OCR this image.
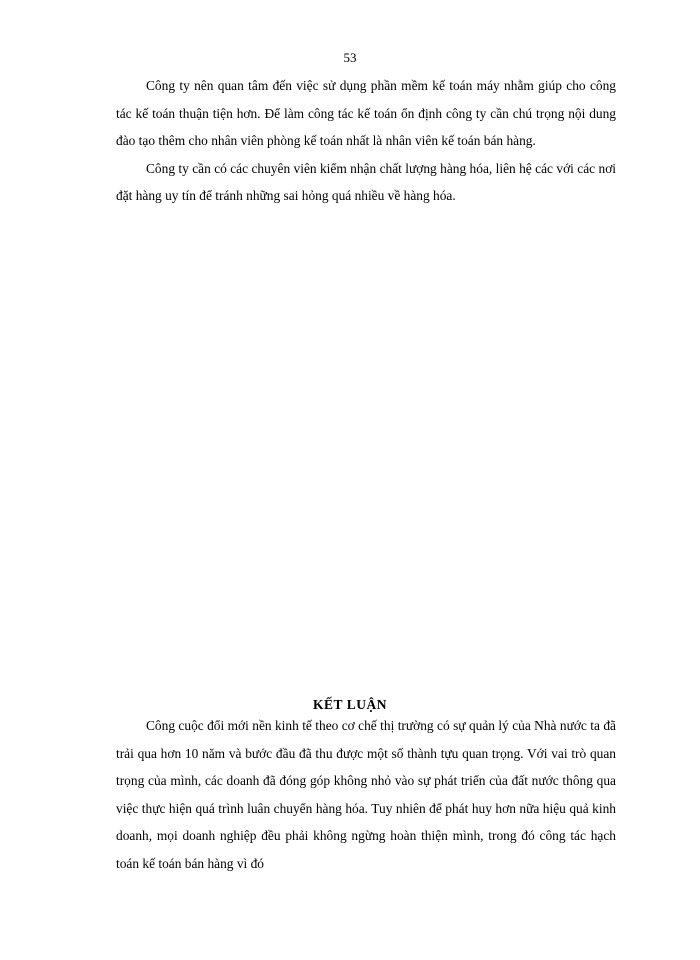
53

Công ty nên quan tâm đến việc sử dụng phần mềm kế toán máy nhằm giúp cho công tác kế toán thuận tiện hơn. Để làm công tác kế toán ổn định công ty cần chú trọng nội dung đào tạo thêm cho nhân viên phòng kế toán nhất là nhân viên kế toán bán hàng.

Công ty cần có các chuyên viên kiểm nhận chất lượng hàng hóa, liên hệ các với các nơi đặt hàng uy tín để tránh những sai hỏng quá nhiều về hàng hóa.

KẾT LUẬN

Công cuộc đổi mới nền kinh tế theo cơ chế thị trường có sự quản lý của Nhà nước ta đã trải qua hơn 10 năm và bước đầu đã thu được một số thành tựu quan trọng. Với vai trò quan trọng của mình, các doanh đã đóng góp không nhỏ vào sự phát triển của đất nước thông qua việc thực hiện quá trình luân chuyển hàng hóa. Tuy nhiên để phát huy hơn nữa hiệu quả kinh doanh, mọi doanh nghiệp đều phải không ngừng hoàn thiện mình, trong đó công tác hạch toán kế toán bán hàng vì đó
